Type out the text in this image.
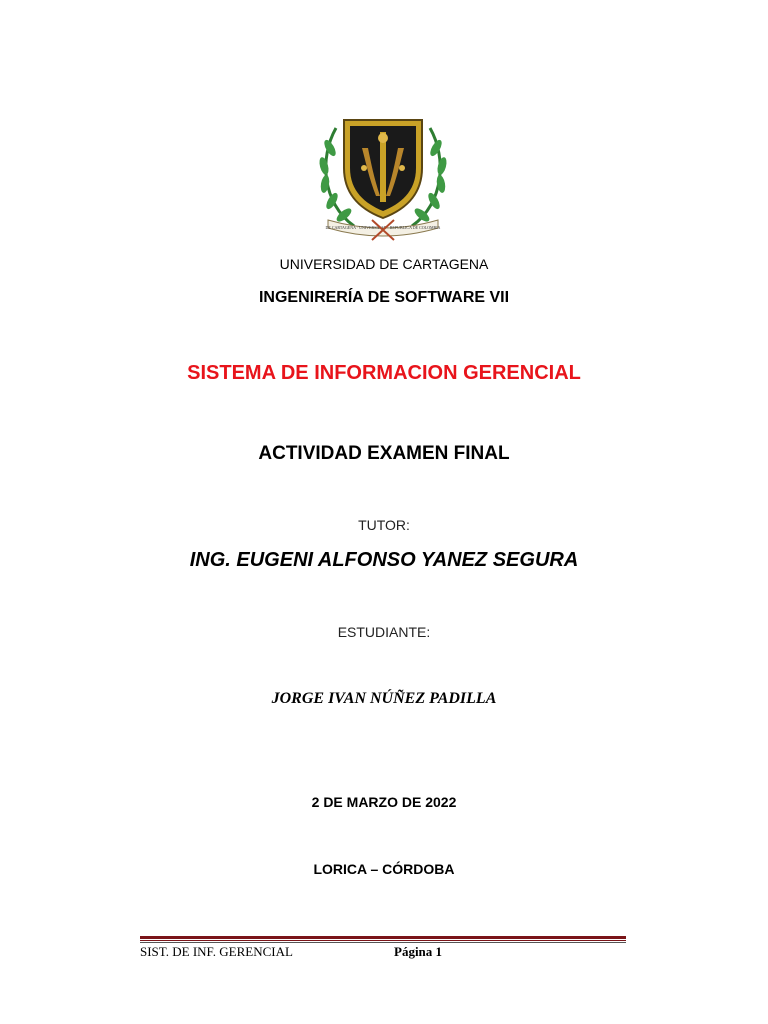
DE CARTAGENA · UNIVERSIDAD · REPUBLICA DE COLOMBIA
UNIVERSIDAD DE CARTAGENA
INGENIRERÍA DE SOFTWARE VII
SISTEMA DE INFORMACION GERENCIAL
ACTIVIDAD EXAMEN FINAL
TUTOR:
ING. EUGENI ALFONSO YANEZ SEGURA
ESTUDIANTE:
JORGE IVAN NÚÑEZ PADILLA
2 DE MARZO DE 2022
LORICA – CÓRDOBA
SIST. DE INF. GERENCIAL	Página 1
